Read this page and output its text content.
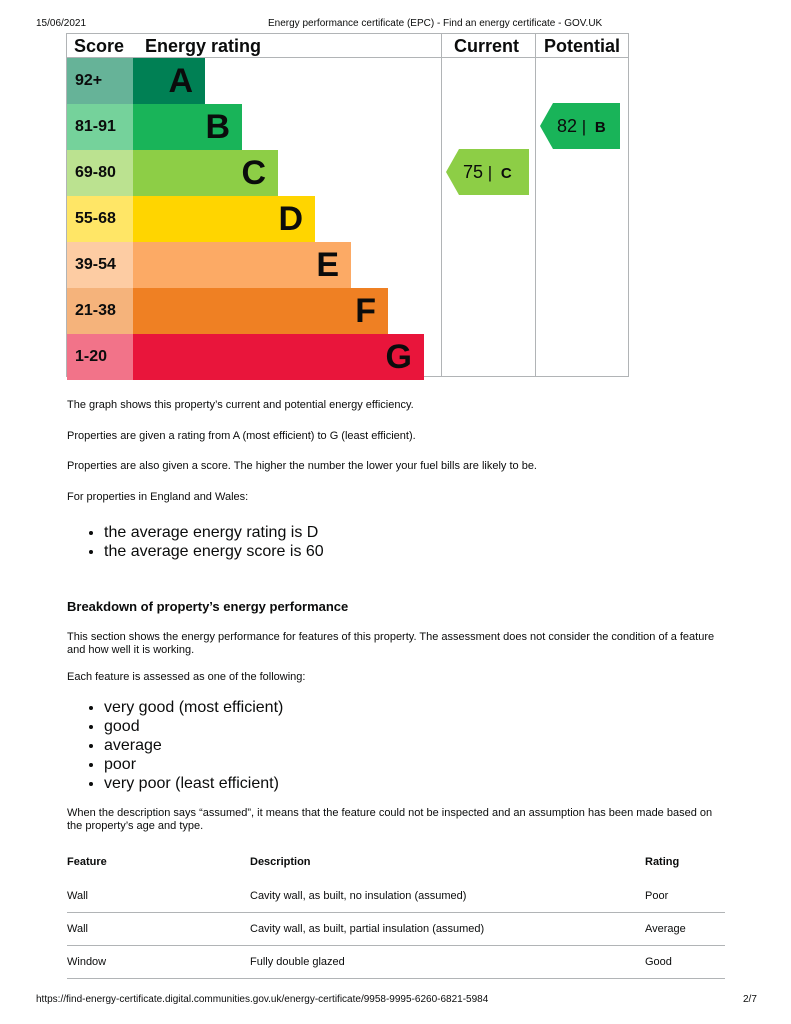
15/06/2021	Energy performance certificate (EPC) - Find an energy certificate - GOV.UK
Score Energy rating	Current Potential
92+	A
81-91	B
69-80	C
55-68	D
39-54	E
21-38	F
1-20	G
75 | C
82 | B
The graph shows this property’s current and potential energy efficiency.
Properties are given a rating from A (most efficient) to G (least efficient).
Properties are also given a score. The higher the number the lower your fuel bills are likely to be.
For properties in England and Wales:
• the average energy rating is D
• the average energy score is 60
Breakdown of property’s energy performance
This section shows the energy performance for features of this property. The assessment does not consider the condition of a feature and how well it is working.
Each feature is assessed as one of the following:
• very good (most efficient)
• good
• average
• poor
• very poor (least efficient)
When the description says “assumed”, it means that the feature could not be inspected and an assumption has been made based on the property’s age and type.
Feature	Description	Rating
Wall	Cavity wall, as built, no insulation (assumed)	Poor
Wall	Cavity wall, as built, partial insulation (assumed)	Average
Window	Fully double glazed	Good
https://find-energy-certificate.digital.communities.gov.uk/energy-certificate/9958-9995-6260-6821-5984	2/7
